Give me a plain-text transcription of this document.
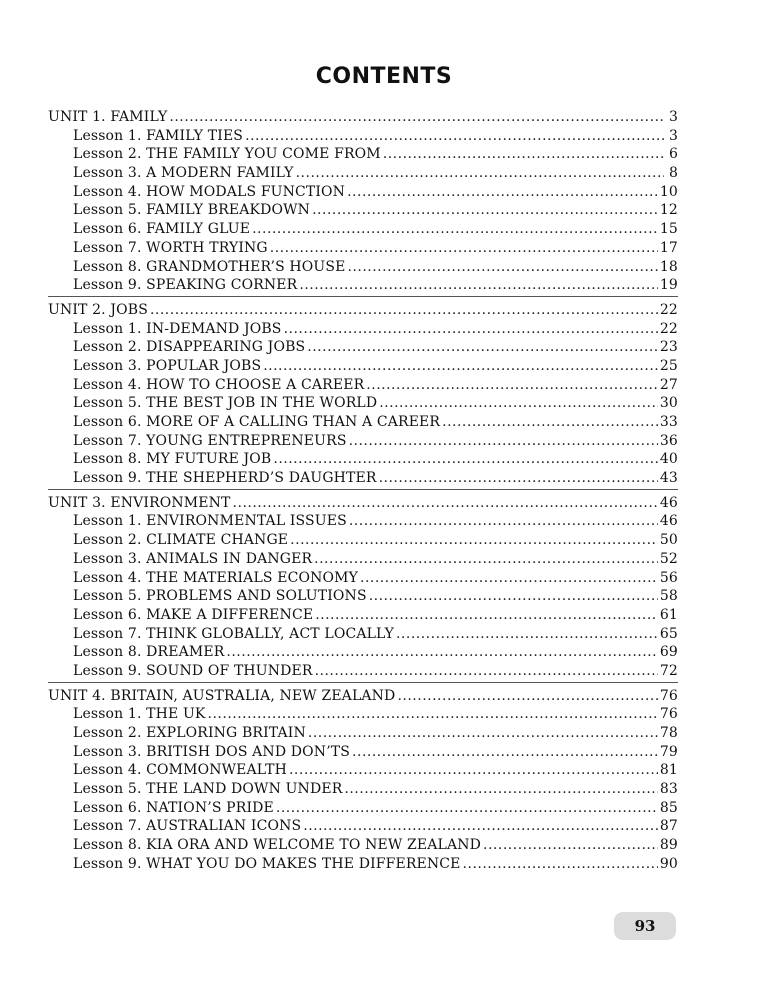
CONTENTS
UNIT 1. FAMILY .....	3
Lesson 1. FAMILY TIES .....	3
Lesson 2. THE FAMILY YOU COME FROM .....	6
Lesson 3. A MODERN FAMILY .....	8
Lesson 4. HOW MODALS FUNCTION .....	10
Lesson 5. FAMILY BREAKDOWN .....	12
Lesson 6. FAMILY GLUE .....	15
Lesson 7. WORTH TRYING .....	17
Lesson 8. GRANDMOTHER’S HOUSE .....	18
Lesson 9. SPEAKING CORNER .....	19
UNIT 2. JOBS .....	22
Lesson 1. IN-DEMAND JOBS .....	22
Lesson 2. DISAPPEARING JOBS .....	23
Lesson 3. POPULAR JOBS .....	25
Lesson 4. HOW TO CHOOSE A CAREER .....	27
Lesson 5. THE BEST JOB IN THE WORLD .....	30
Lesson 6. MORE OF A CALLING THAN A CAREER .....	33
Lesson 7. YOUNG ENTREPRENEURS .....	36
Lesson 8. MY FUTURE JOB .....	40
Lesson 9. THE SHEPHERD’S DAUGHTER .....	43
UNIT 3. ENVIRONMENT .....	46
Lesson 1. ENVIRONMENTAL ISSUES .....	46
Lesson 2. CLIMATE CHANGE .....	50
Lesson 3. ANIMALS IN DANGER .....	52
Lesson 4. THE MATERIALS ECONOMY .....	56
Lesson 5. PROBLEMS AND SOLUTIONS .....	58
Lesson 6. MAKE A DIFFERENCE .....	61
Lesson 7. THINK GLOBALLY, ACT LOCALLY .....	65
Lesson 8. DREAMER .....	69
Lesson 9. SOUND OF THUNDER .....	72
UNIT 4. BRITAIN, AUSTRALIA, NEW ZEALAND .....	76
Lesson 1. THE UK .....	76
Lesson 2. EXPLORING BRITAIN .....	78
Lesson 3. BRITISH DOS AND DON’TS .....	79
Lesson 4. COMMONWEALTH .....	81
Lesson 5. THE LAND DOWN UNDER .....	83
Lesson 6. NATION’S PRIDE .....	85
Lesson 7. AUSTRALIAN ICONS .....	87
Lesson 8. KIA ORA AND WELCOME TO NEW ZEALAND .....	89
Lesson 9. WHAT YOU DO MAKES THE DIFFERENCE .....	90
93
